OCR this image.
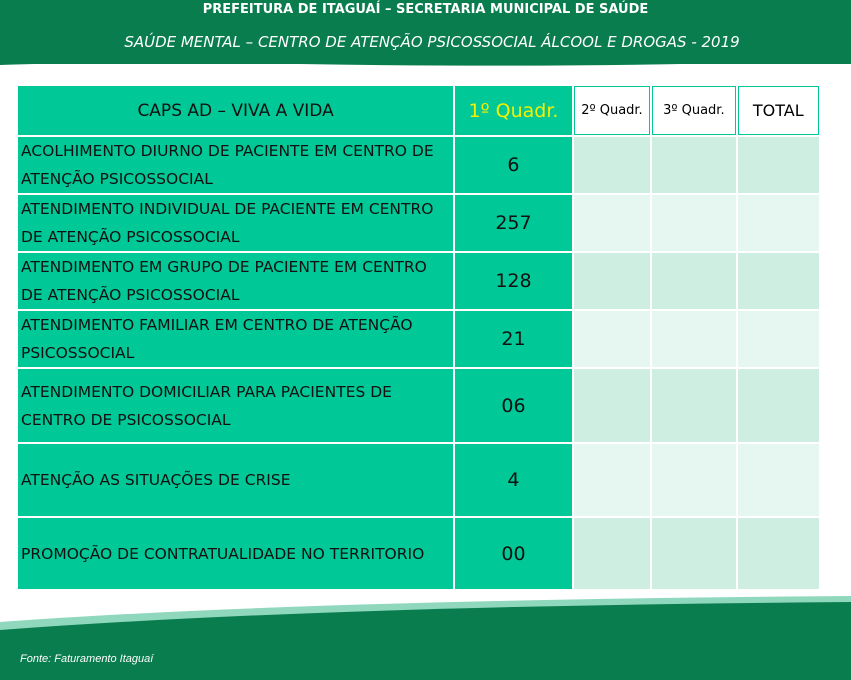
PREFEITURA DE ITAGUAÍ – SECRETARIA MUNICIPAL DE SAÚDE
SAÚDE MENTAL – CENTRO DE ATENÇÃO PSICOSSOCIAL ÁLCOOL E DROGAS - 2019
CAPS AD – VIVA A VIDA	1º Quadr.	2º Quadr.	3º Quadr.	TOTAL
ACOLHIMENTO DIURNO DE PACIENTE EM CENTRO DE ATENÇÃO PSICOSSOCIAL	6			
ATENDIMENTO INDIVIDUAL DE PACIENTE EM CENTRO DE ATENÇÃO PSICOSSOCIAL	257			
ATENDIMENTO EM GRUPO DE PACIENTE EM CENTRO DE ATENÇÃO PSICOSSOCIAL	128			
ATENDIMENTO FAMILIAR EM CENTRO DE ATENÇÃO PSICOSSOCIAL	21			
ATENDIMENTO DOMICILIAR PARA PACIENTES DE CENTRO DE PSICOSSOCIAL	06			
ATENÇÃO AS SITUAÇÕES DE CRISE	4			
PROMOÇÃO DE CONTRATUALIDADE NO TERRITORIO	00			
Fonte: Faturamento Itaguaí
